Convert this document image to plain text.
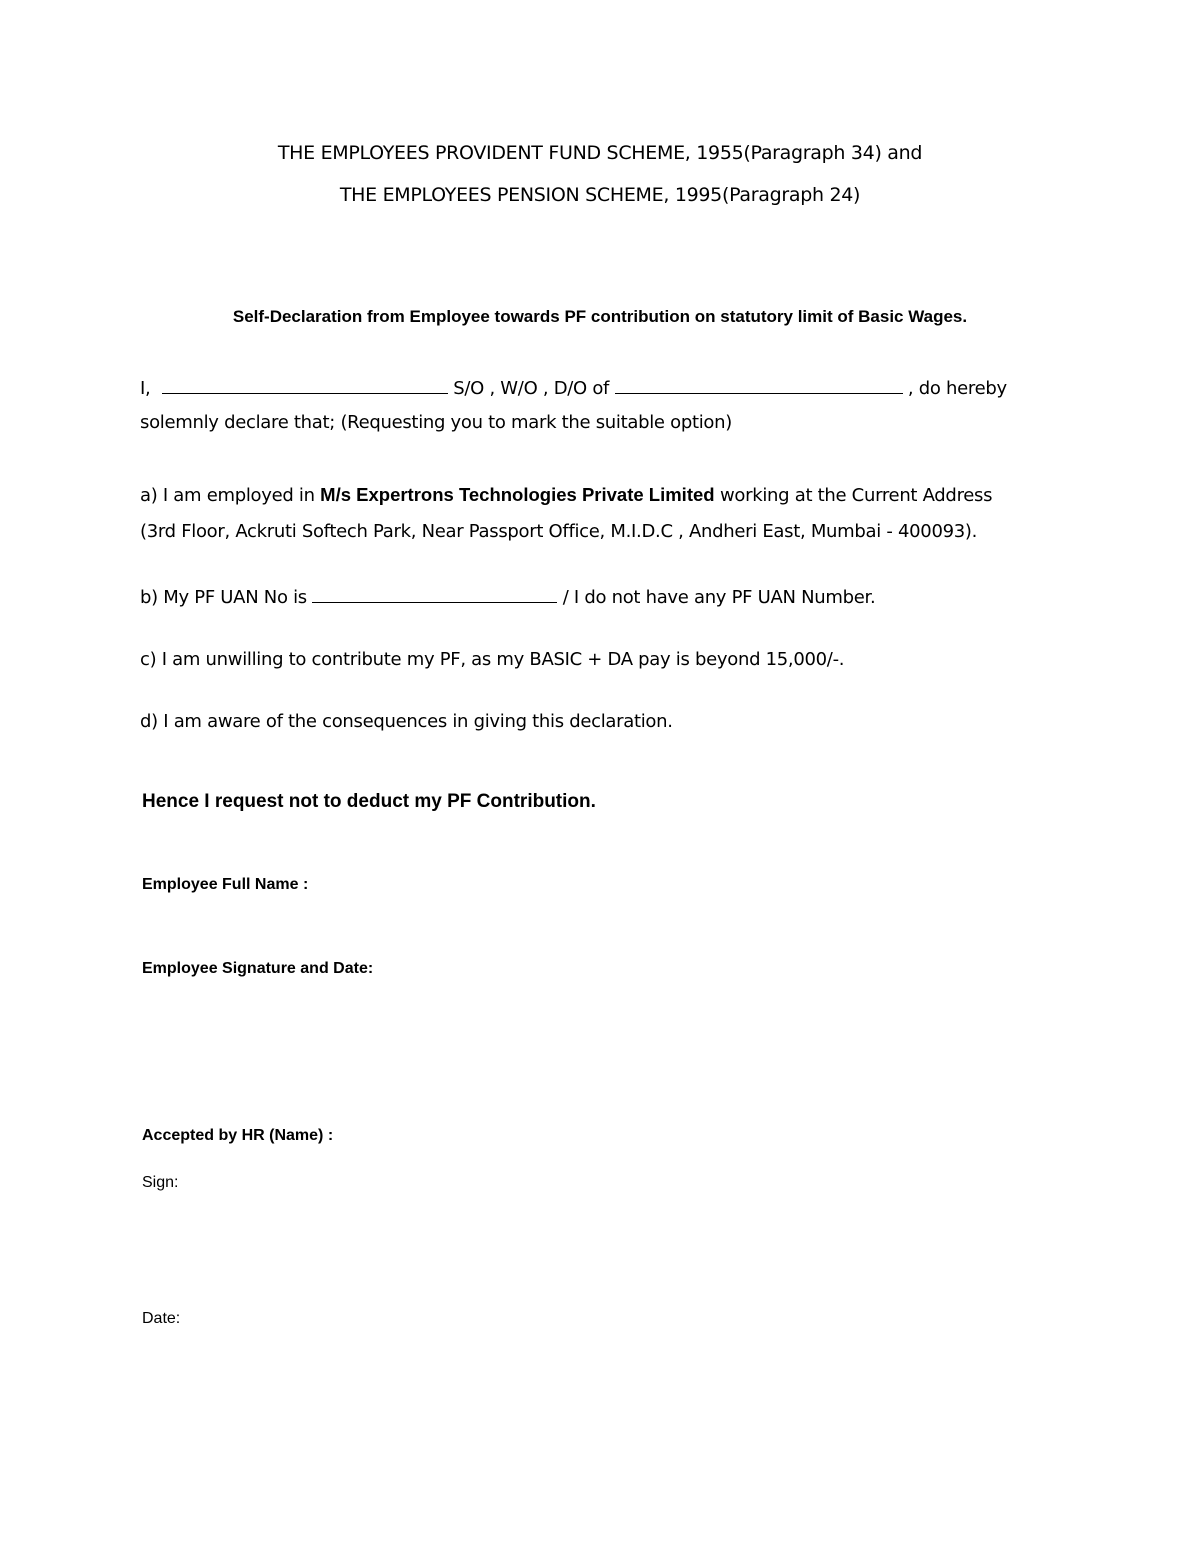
THE EMPLOYEES PROVIDENT FUND SCHEME, 1955(Paragraph 34) and
THE EMPLOYEES PENSION SCHEME, 1995(Paragraph 24)
Self-Declaration from Employee towards PF contribution on statutory limit of Basic Wages.
I,	S/O , W/O , D/O of	, do hereby
solemnly declare that; (Requesting you to mark the suitable option)
a) I am employed in M/s Expertrons Technologies Private Limited working at the Current Address
(3rd Floor, Ackruti Softech Park, Near Passport Office, M.I.D.C , Andheri East, Mumbai - 400093).
b) My PF UAN No is	/ I do not have any PF UAN Number.
c) I am unwilling to contribute my PF, as my BASIC + DA pay is beyond 15,000/-.
d) I am aware of the consequences in giving this declaration.
Hence I request not to deduct my PF Contribution.
Employee Full Name :
Employee Signature and Date:
Accepted by HR (Name) :
Sign:
Date:
